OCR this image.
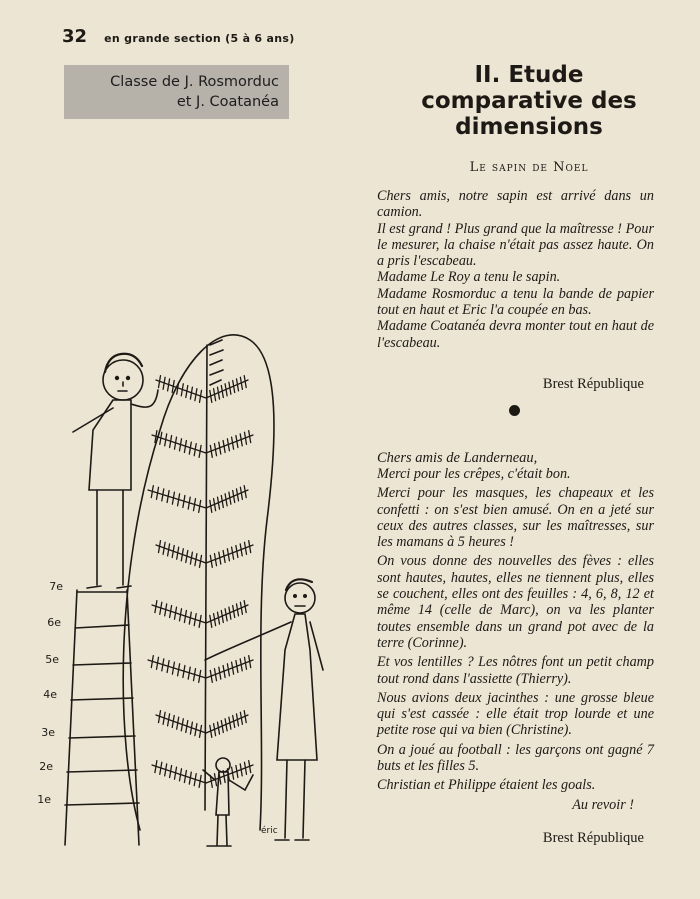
32 en grande section (5 à 6 ans)
Classe de J. Rosmorduc
et J. Coatanéa
II. Etude
comparative des
dimensions
Le sapin de Noel

Chers amis, notre sapin est arrivé dans un camion.

Il est grand ! Plus grand que la maîtresse ! Pour le mesurer, la chaise n'était pas assez haute. On a pris l'escabeau.

Madame Le Roy a tenu le sapin.

Madame Rosmorduc a tenu la bande de papier tout en haut et Eric l'a coupée en bas.

Madame Coatanéa devra monter tout en haut de l'escabeau.

Brest République
Chers amis de Landerneau,

Merci pour les crêpes, c'était bon.

Merci pour les masques, les chapeaux et les confetti : on s'est bien amusé. On en a jeté sur ceux des autres classes, sur les maîtresses, sur les mamans à 5 heures !

On vous donne des nouvelles des fèves : elles sont hautes, hautes, elles ne tiennent plus, elles se couchent, elles ont des feuilles : 4, 6, 8, 12 et même 14 (celle de Marc), on va les planter toutes ensemble dans un grand pot avec de la terre (Corinne).

Et vos lentilles ? Les nôtres font un petit champ tout rond dans l'assiette (Thierry).

Nous avions deux jacinthes : une grosse bleue qui s'est cassée : elle était trop lourde et une petite rose qui va bien (Christine).

On a joué au football : les garçons ont gagné 7 buts et les filles 5.

Christian et Philippe étaient les goals.

Au revoir !

Brest République
7e
6e
5e
4e
3e
2e
1e
éric
